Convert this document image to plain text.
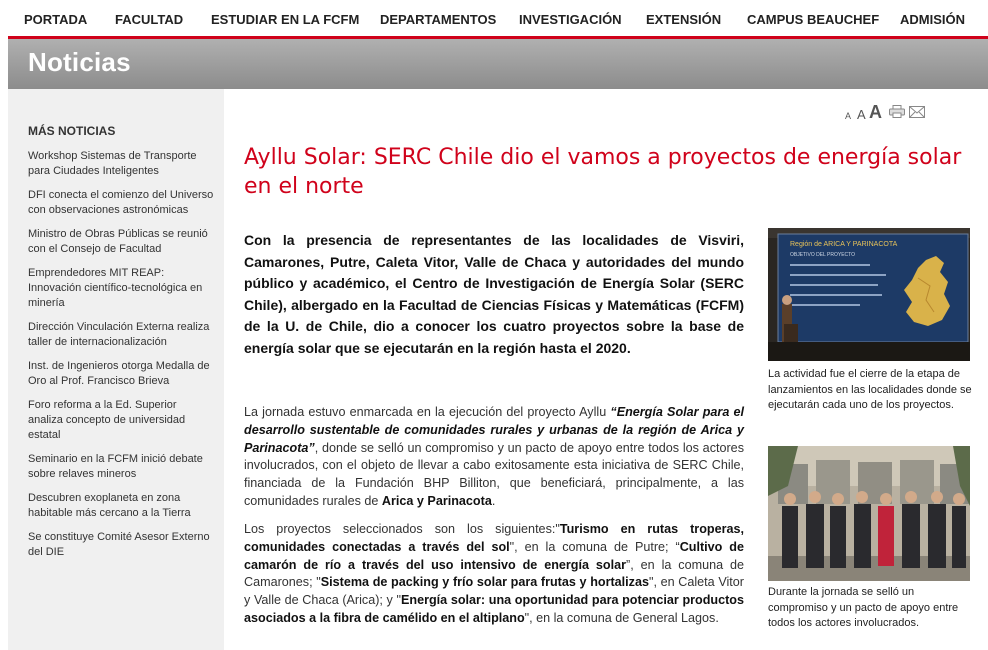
PORTADA FACULTAD ESTUDIAR EN LA FCFM DEPARTAMENTOS INVESTIGACIÓN EXTENSIÓN CAMPUS BEAUCHEF ADMISIÓN
Noticias
MÁS NOTICIAS
Workshop Sistemas de Transporte para Ciudades Inteligentes
DFI conecta el comienzo del Universo con observaciones astronómicas
Ministro de Obras Públicas se reunió con el Consejo de Facultad
Emprendedores MIT REAP: Innovación científico-tecnológica en minería
Dirección Vinculación Externa realiza taller de internacionalización
Inst. de Ingenieros otorga Medalla de Oro al Prof. Francisco Brieva
Foro reforma a la Ed. Superior analiza concepto de universidad estatal
Seminario en la FCFM inició debate sobre relaves mineros
Descubren exoplaneta en zona habitable más cercano a la Tierra
Se constituye Comité Asesor Externo del DIE
A A A
Ayllu Solar: SERC Chile dio el vamos a proyectos de energía solar en el norte

Con la presencia de representantes de las localidades de Visviri, Camarones, Putre, Caleta Vitor, Valle de Chaca y autoridades del mundo público y académico, el Centro de Investigación de Energía Solar (SERC Chile), albergado en la Facultad de Ciencias Físicas y Matemáticas (FCFM) de la U. de Chile, dio a conocer los cuatro proyectos sobre la base de energía solar que se ejecutarán en la región hasta el 2020.

La jornada estuvo enmarcada en la ejecución del proyecto Ayllu “Energía Solar para el desarrollo sustentable de comunidades rurales y urbanas de la región de Arica y Parinacota”, donde se selló un compromiso y un pacto de apoyo entre todos los actores involucrados, con el objeto de llevar a cabo exitosamente esta iniciativa de SERC Chile, financiada de la Fundación BHP Billiton, que beneficiará, principalmente, a las comunidades rurales de Arica y Parinacota.

Los proyectos seleccionados son los siguientes:"Turismo en rutas troperas, comunidades conectadas a través del sol", en la comuna de Putre; “Cultivo de camarón de río a través del uso intensivo de energía solar”, en la comuna de Camarones; "Sistema de packing y frío solar para frutas y hortalizas", en Caleta Vitor y Valle de Chaca (Arica); y "Energía solar: una oportunidad para potenciar productos asociados a la fibra de camélido en el altiplano", en la comuna de General Lagos.

Región de ARICA Y PARINACOTA
OBJETIVO DEL PROYECTO

La actividad fue el cierre de la etapa de lanzamientos en las localidades donde se ejecutarán cada uno de los proyectos.

Durante la jornada se selló un compromiso y un pacto de apoyo entre todos los actores involucrados.
